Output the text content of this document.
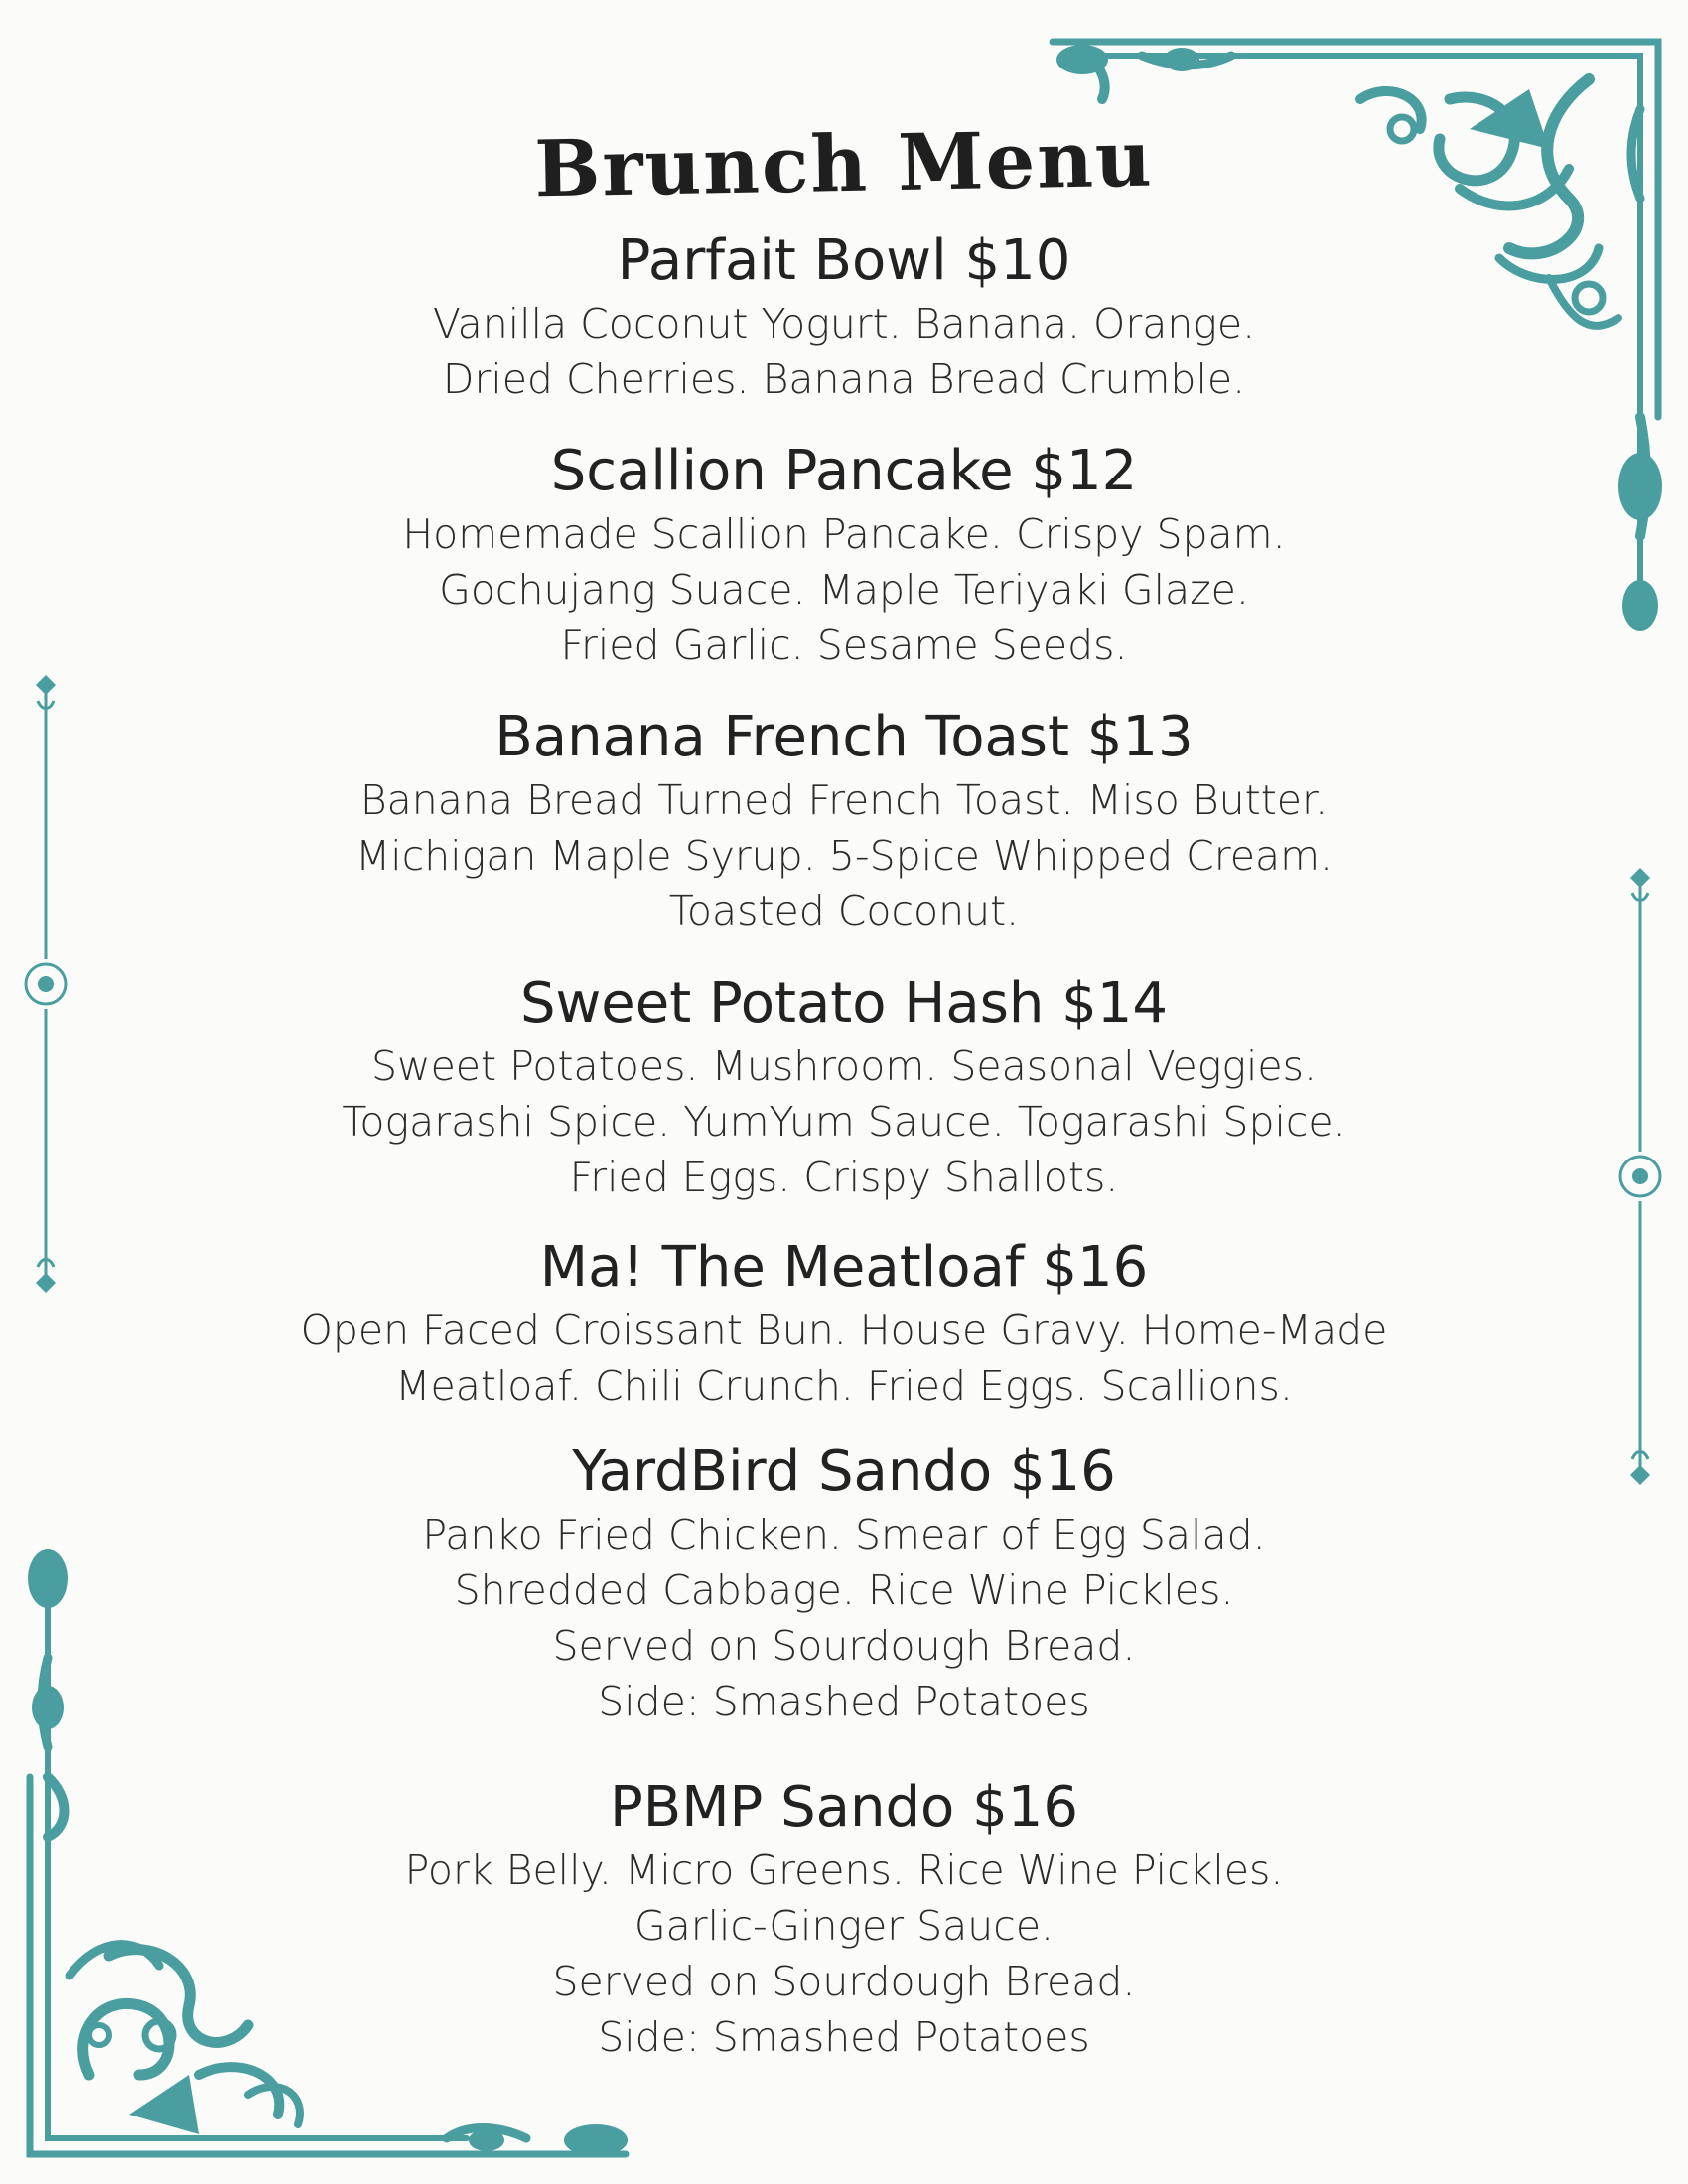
Brunch Menu
Parfait Bowl $10

Vanilla Coconut Yogurt. Banana. Orange.
Dried Cherries. Banana Bread Crumble.

Scallion Pancake $12

Homemade Scallion Pancake. Crispy Spam.
Gochujang Suace. Maple Teriyaki Glaze.
Fried Garlic. Sesame Seeds.

Banana French Toast $13

Banana Bread Turned French Toast. Miso Butter.
Michigan Maple Syrup. 5-Spice Whipped Cream.
Toasted Coconut.

Sweet Potato Hash $14

Sweet Potatoes. Mushroom. Seasonal Veggies.
Togarashi Spice. YumYum Sauce. Togarashi Spice.
Fried Eggs. Crispy Shallots.

Ma! The Meatloaf $16

Open Faced Croissant Bun. House Gravy. Home-Made
Meatloaf. Chili Crunch. Fried Eggs. Scallions.

YardBird Sando $16

Panko Fried Chicken. Smear of Egg Salad.
Shredded Cabbage. Rice Wine Pickles.
Served on Sourdough Bread.
Side: Smashed Potatoes

PBMP Sando $16

Pork Belly. Micro Greens. Rice Wine Pickles.
Garlic-Ginger Sauce.
Served on Sourdough Bread.
Side: Smashed Potatoes
